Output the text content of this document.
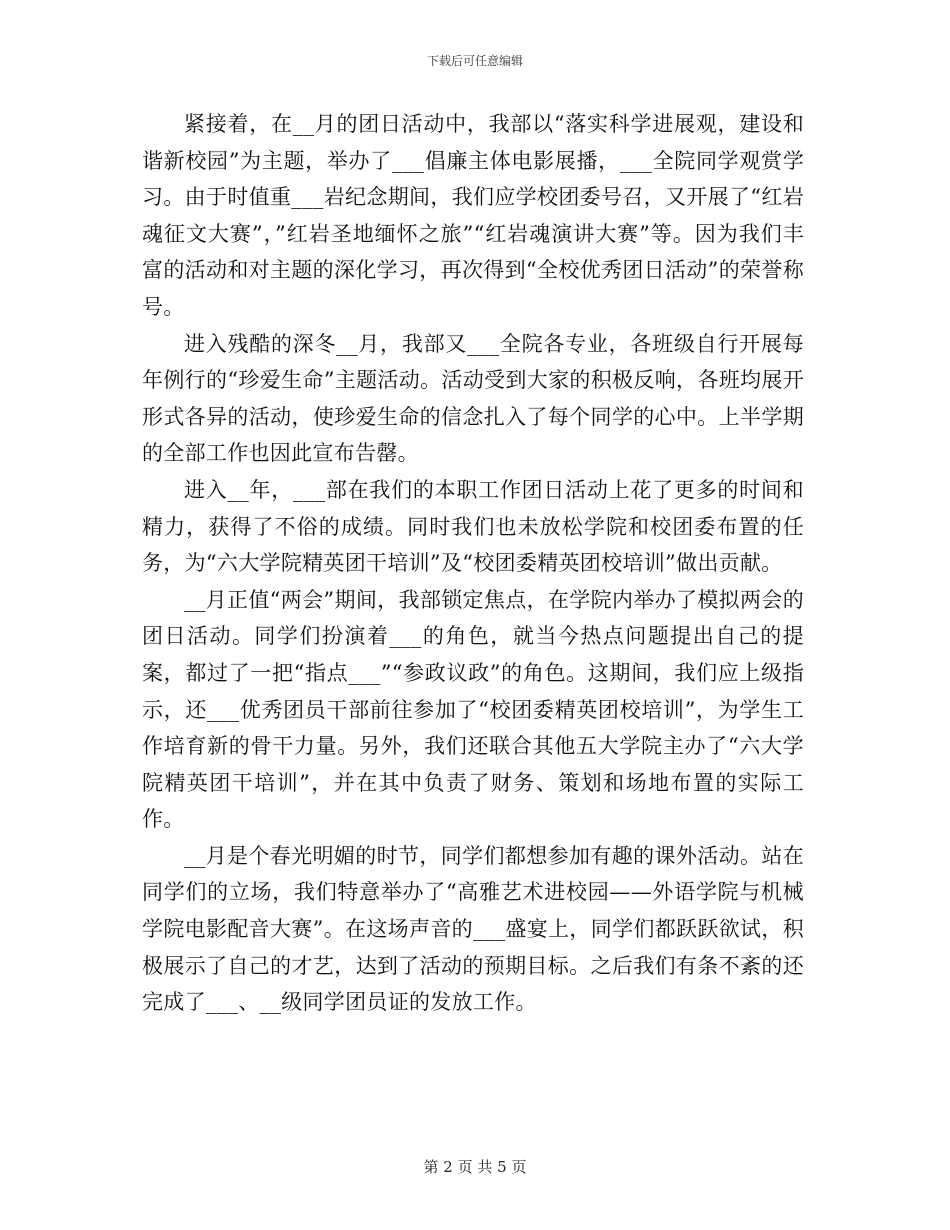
下载后可任意编辑

紧接着，在__月的团日活动中，我部以“落实科学进展观，建设和谐新校园”为主题，举办了___倡廉主体电影展播，___全院同学观赏学习。由于时值重___岩纪念期间，我们应学校团委号召，又开展了“红岩魂征文大赛”，”红岩圣地缅怀之旅”“红岩魂演讲大赛”等。因为我们丰富的活动和对主题的深化学习，再次得到“全校优秀团日活动”的荣誉称号。

进入残酷的深冬__月，我部又___全院各专业，各班级自行开展每年例行的“珍爱生命”主题活动。活动受到大家的积极反响，各班均展开形式各异的活动，使珍爱生命的信念扎入了每个同学的心中。上半学期的全部工作也因此宣布告罄。

进入__年，___部在我们的本职工作团日活动上花了更多的时间和精力，获得了不俗的成绩。同时我们也未放松学院和校团委布置的任务，为“六大学院精英团干培训”及“校团委精英团校培训”做出贡献。

__月正值“两会”期间，我部锁定焦点，在学院内举办了模拟两会的团日活动。同学们扮演着___的角色，就当今热点问题提出自己的提案，都过了一把“指点___”“参政议政”的角色。这期间，我们应上级指示，还___优秀团员干部前往参加了“校团委精英团校培训”，为学生工作培育新的骨干力量。另外，我们还联合其他五大学院主办了“六大学院精英团干培训”，并在其中负责了财务、策划和场地布置的实际工作。

__月是个春光明媚的时节，同学们都想参加有趣的课外活动。站在同学们的立场，我们特意举办了“高雅艺术进校园——外语学院与机械学院电影配音大赛”。在这场声音的___盛宴上，同学们都跃跃欲试，积极展示了自己的才艺，达到了活动的预期目标。之后我们有条不紊的还完成了___、__级同学团员证的发放工作。

第 2 页 共 5 页
